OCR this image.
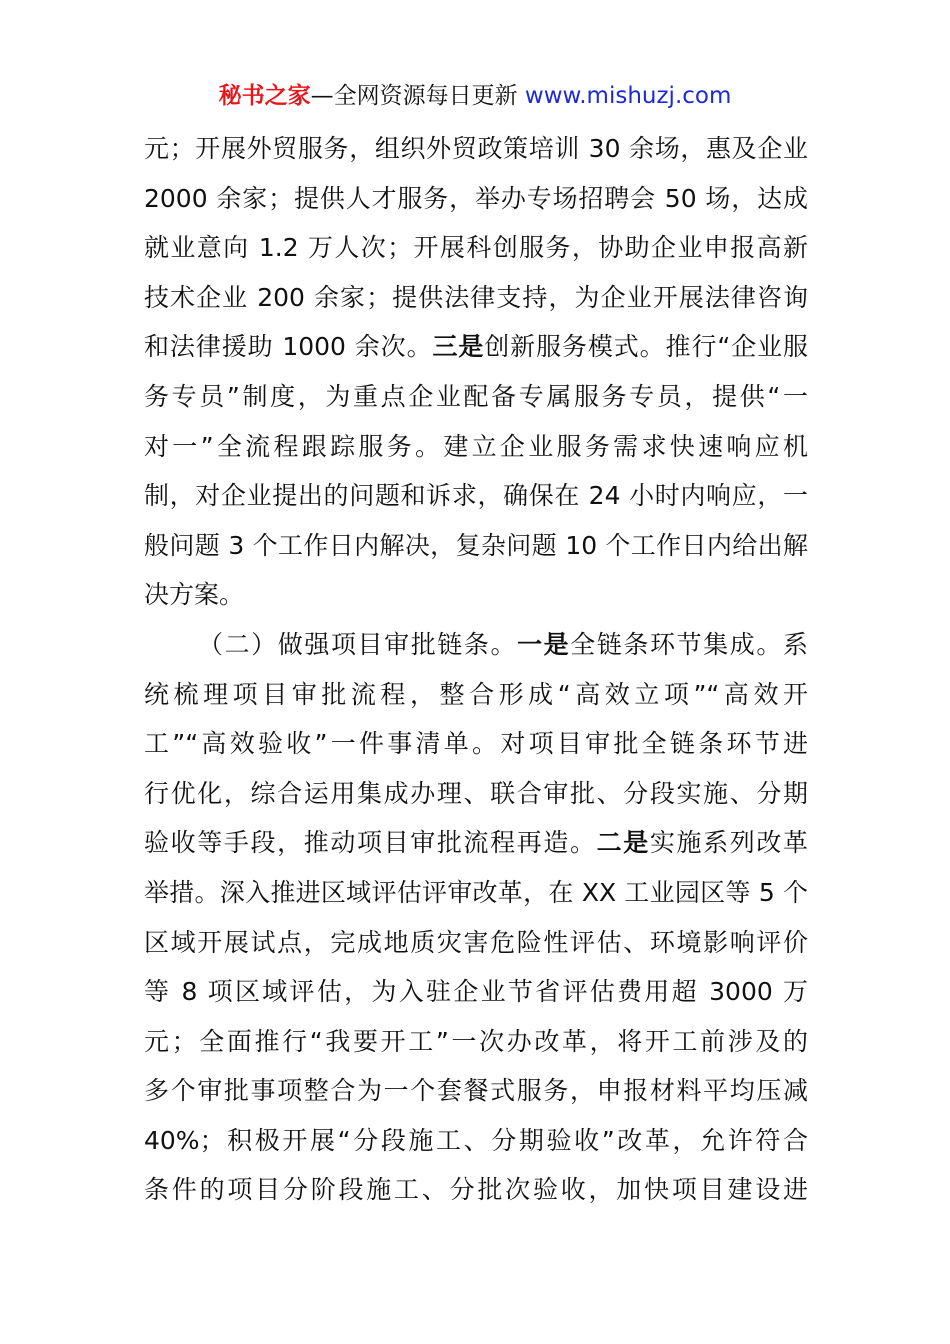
秘书之家—全网资源每日更新 www.mishuzj.com
元；开展外贸服务，组织外贸政策培训 30 余场，惠及企业
2000 余家；提供人才服务，举办专场招聘会 50 场，达成
就业意向 1.2 万人次；开展科创服务，协助企业申报高新
技术企业 200 余家；提供法律支持，为企业开展法律咨询
和法律援助 1000 余次。三是创新服务模式。推行“企业服
务专员”制度，为重点企业配备专属服务专员，提供“一
对一”全流程跟踪服务。建立企业服务需求快速响应机
制，对企业提出的问题和诉求，确保在 24 小时内响应，一
般问题 3 个工作日内解决，复杂问题 10 个工作日内给出解
决方案。
（二）做强项目审批链条。一是全链条环节集成。系
统梳理项目审批流程，整合形成“高效立项”“高效开
工”“高效验收”一件事清单。对项目审批全链条环节进
行优化，综合运用集成办理、联合审批、分段实施、分期
验收等手段，推动项目审批流程再造。二是实施系列改革
举措。深入推进区域评估评审改革，在 XX 工业园区等 5 个
区域开展试点，完成地质灾害危险性评估、环境影响评价
等 8 项区域评估，为入驻企业节省评估费用超 3000 万
元；全面推行“我要开工”一次办改革，将开工前涉及的
多个审批事项整合为一个套餐式服务，申报材料平均压减
40%；积极开展“分段施工、分期验收”改革，允许符合
条件的项目分阶段施工、分批次验收，加快项目建设进
